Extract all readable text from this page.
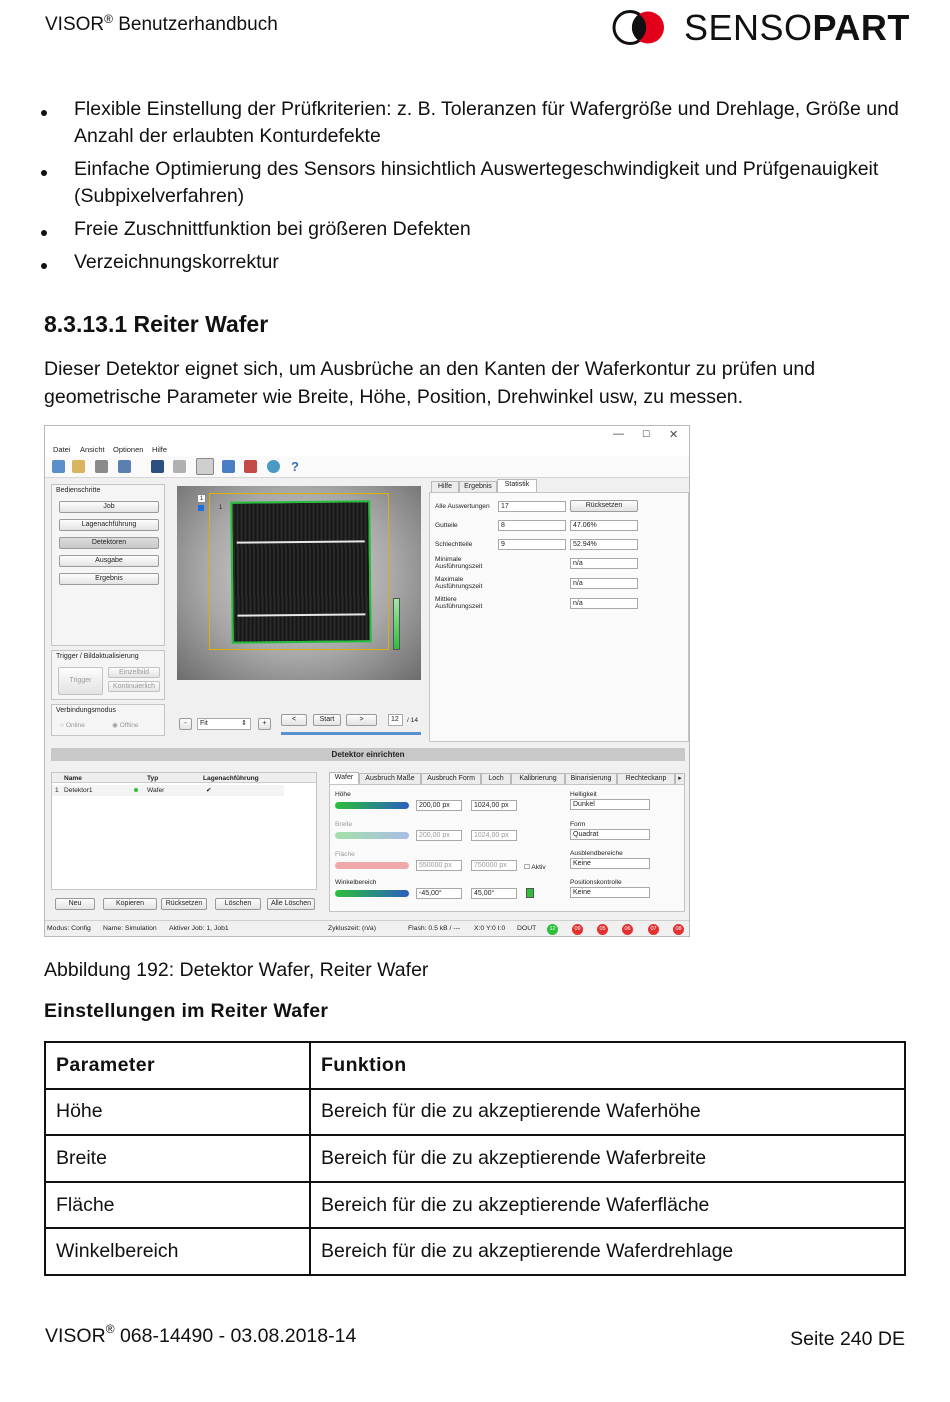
VISOR® Benutzerhandbuch	SENSOPART
Flexible Einstellung der Prüfkriterien: z. B. Toleranzen für Wafergröße und Drehlage, Größe und Anzahl der erlaubten Konturdefekte
Einfache Optimierung des Sensors hinsichtlich Auswertegeschwindigkeit und Prüfgenauigkeit (Subpixelverfahren)
Freie Zuschnittfunktion bei größeren Defekten
Verzeichnungskorrektur
8.3.13.1 Reiter Wafer

Dieser Detektor eignet sich, um Ausbrüche an den Kanten der Waferkontur zu prüfen und geometrische Parameter wie Breite, Höhe, Position, Drehwinkel usw, zu messen.

— ☐ ✕
Datei Ansicht Optionen Hilfe
?
Bedienschritte
Job
Lagenachführung
Detektoren
Ausgabe
Ergebnis
Trigger / Bildaktualisierung
Trigger
Einzelbild
Kontinuierlich
Verbindungsmodus
○ Online	◉ Offline
1
1
-	Fit	⇕	+
<	Start	>	12	/ 14
Hilfe	Ergebnis	Statistik
Alle Auswertungen	17	Rücksetzen
Gutteile	8	47.06%
Schlechtteile	9	52.94%
Minimale Ausführungszeit	n/a
Maximale Ausführungszeit	n/a
Mittlere Ausführungszeit	n/a
Detektor einrichten
Name	Typ	Lagenachführung
1 Detektor1	Wafer	✔
Neu	Kopieren	Rücksetzen	Löschen	Alle Löschen
Wafer	Ausbruch Maße	Ausbruch Form	Loch	Kalibrierung	Binarisierung	Rechteckanp	▸
Höhe
200,00 px	1024,00 px
Breite
200,00 px	1024,00 px
Fläche
550000 px	750000 px	☐ Aktiv
Winkelbereich
-45,00°	45,00°
Helligkeit
Dunkel
Form
Quadrat
Ausblendbereiche
Keine
Positionskontrolle
Keine
Modus: Config Name: Simulation Aktiver Job: 1, Job1	Zykluszeit: (n/a)	Flash: 0.5 kB / --- X:0 Y:0 I:0 DOUT	12	09	05	06	07	08
Abbildung 192: Detektor Wafer, Reiter Wafer
Einstellungen im Reiter Wafer
Parameter	Funktion
Höhe	Bereich für die zu akzeptierende Waferhöhe
Breite	Bereich für die zu akzeptierende Waferbreite
Fläche	Bereich für die zu akzeptierende Waferfläche
Winkelbereich	Bereich für die zu akzeptierende Waferdrehlage
VISOR® 068-14490 - 03.08.2018-14	Seite 240 DE
